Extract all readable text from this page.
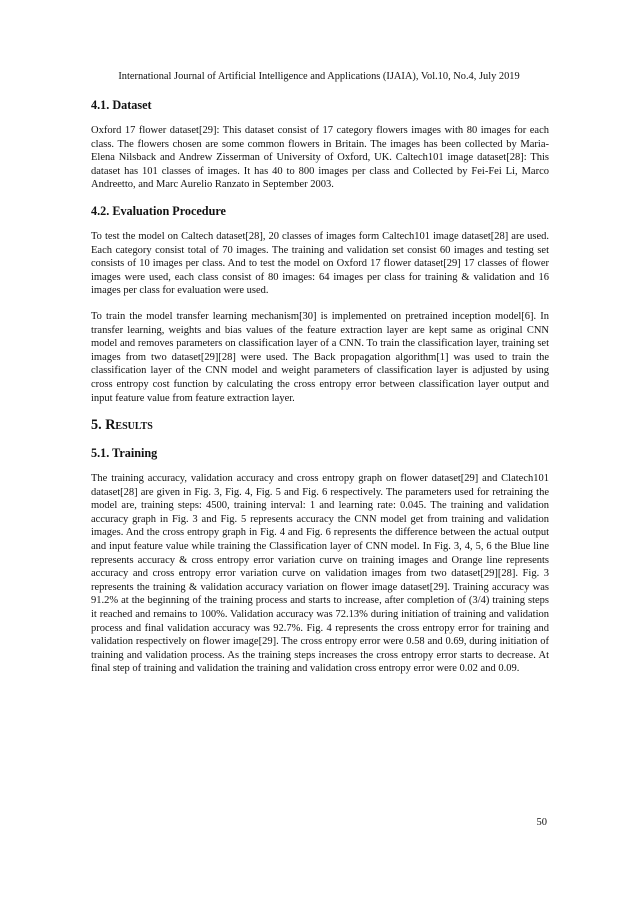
International Journal of Artificial Intelligence and Applications (IJAIA), Vol.10, No.4, July 2019
4.1. Dataset

Oxford 17 flower dataset[29]: This dataset consist of 17 category flowers images with 80 images for each class. The flowers chosen are some common flowers in Britain. The images has been collected by Maria-Elena Nilsback and Andrew Zisserman of University of Oxford, UK. Caltech101 image dataset[28]: This dataset has 101 classes of images. It has 40 to 800 images per class and Collected by Fei-Fei Li, Marco Andreetto, and Marc Aurelio Ranzato in September 2003.

4.2. Evaluation Procedure

To test the model on Caltech dataset[28], 20 classes of images form Caltech101 image dataset[28] are used. Each category consist total of 70 images. The training and validation set consist 60 images and testing set consists of 10 images per class. And to test the model on Oxford 17 flower dataset[29] 17 classes of flower images were used, each class consist of 80 images: 64 images per class for training & validation and 16 images per class for evaluation were used.

To train the model transfer learning mechanism[30] is implemented on pretrained inception model[6]. In transfer learning, weights and bias values of the feature extraction layer are kept same as original CNN model and removes parameters on classification layer of a CNN. To train the classification layer, training set images from two dataset[29][28] were used. The Back propagation algorithm[1] was used to train the classification layer of the CNN model and weight parameters of classification layer is adjusted by using cross entropy cost function by calculating the cross entropy error between classification layer output and input feature value from feature extraction layer.

5. Results
5.1. Training

The training accuracy, validation accuracy and cross entropy graph on flower dataset[29] and Clatech101 dataset[28] are given in Fig. 3, Fig. 4, Fig. 5 and Fig. 6 respectively. The parameters used for retraining the model are, training steps: 4500, training interval: 1 and learning rate: 0.045. The training and validation accuracy graph in Fig. 3 and Fig. 5 represents accuracy the CNN model get from training and validation images. And the cross entropy graph in Fig. 4 and Fig. 6 represents the difference between the actual output and input feature value while training the Classification layer of CNN model. In Fig. 3, 4, 5, 6 the Blue line represents accuracy & cross entropy error variation curve on training images and Orange line represents accuracy and cross entropy error variation curve on validation images from two dataset[29][28]. Fig. 3 represents the training & validation accuracy variation on flower image dataset[29]. Training accuracy was 91.2% at the beginning of the training process and starts to increase, after completion of (3/4) training steps it reached and remains to 100%. Validation accuracy was 72.13% during initiation of training and validation process and final validation accuracy was 92.7%. Fig. 4 represents the cross entropy error for training and validation respectively on flower image[29]. The cross entropy error were 0.58 and 0.69, during initiation of training and validation process. As the training steps increases the cross entropy error starts to decrease. At final step of training and validation the training and validation cross entropy error were 0.02 and 0.09.

50
